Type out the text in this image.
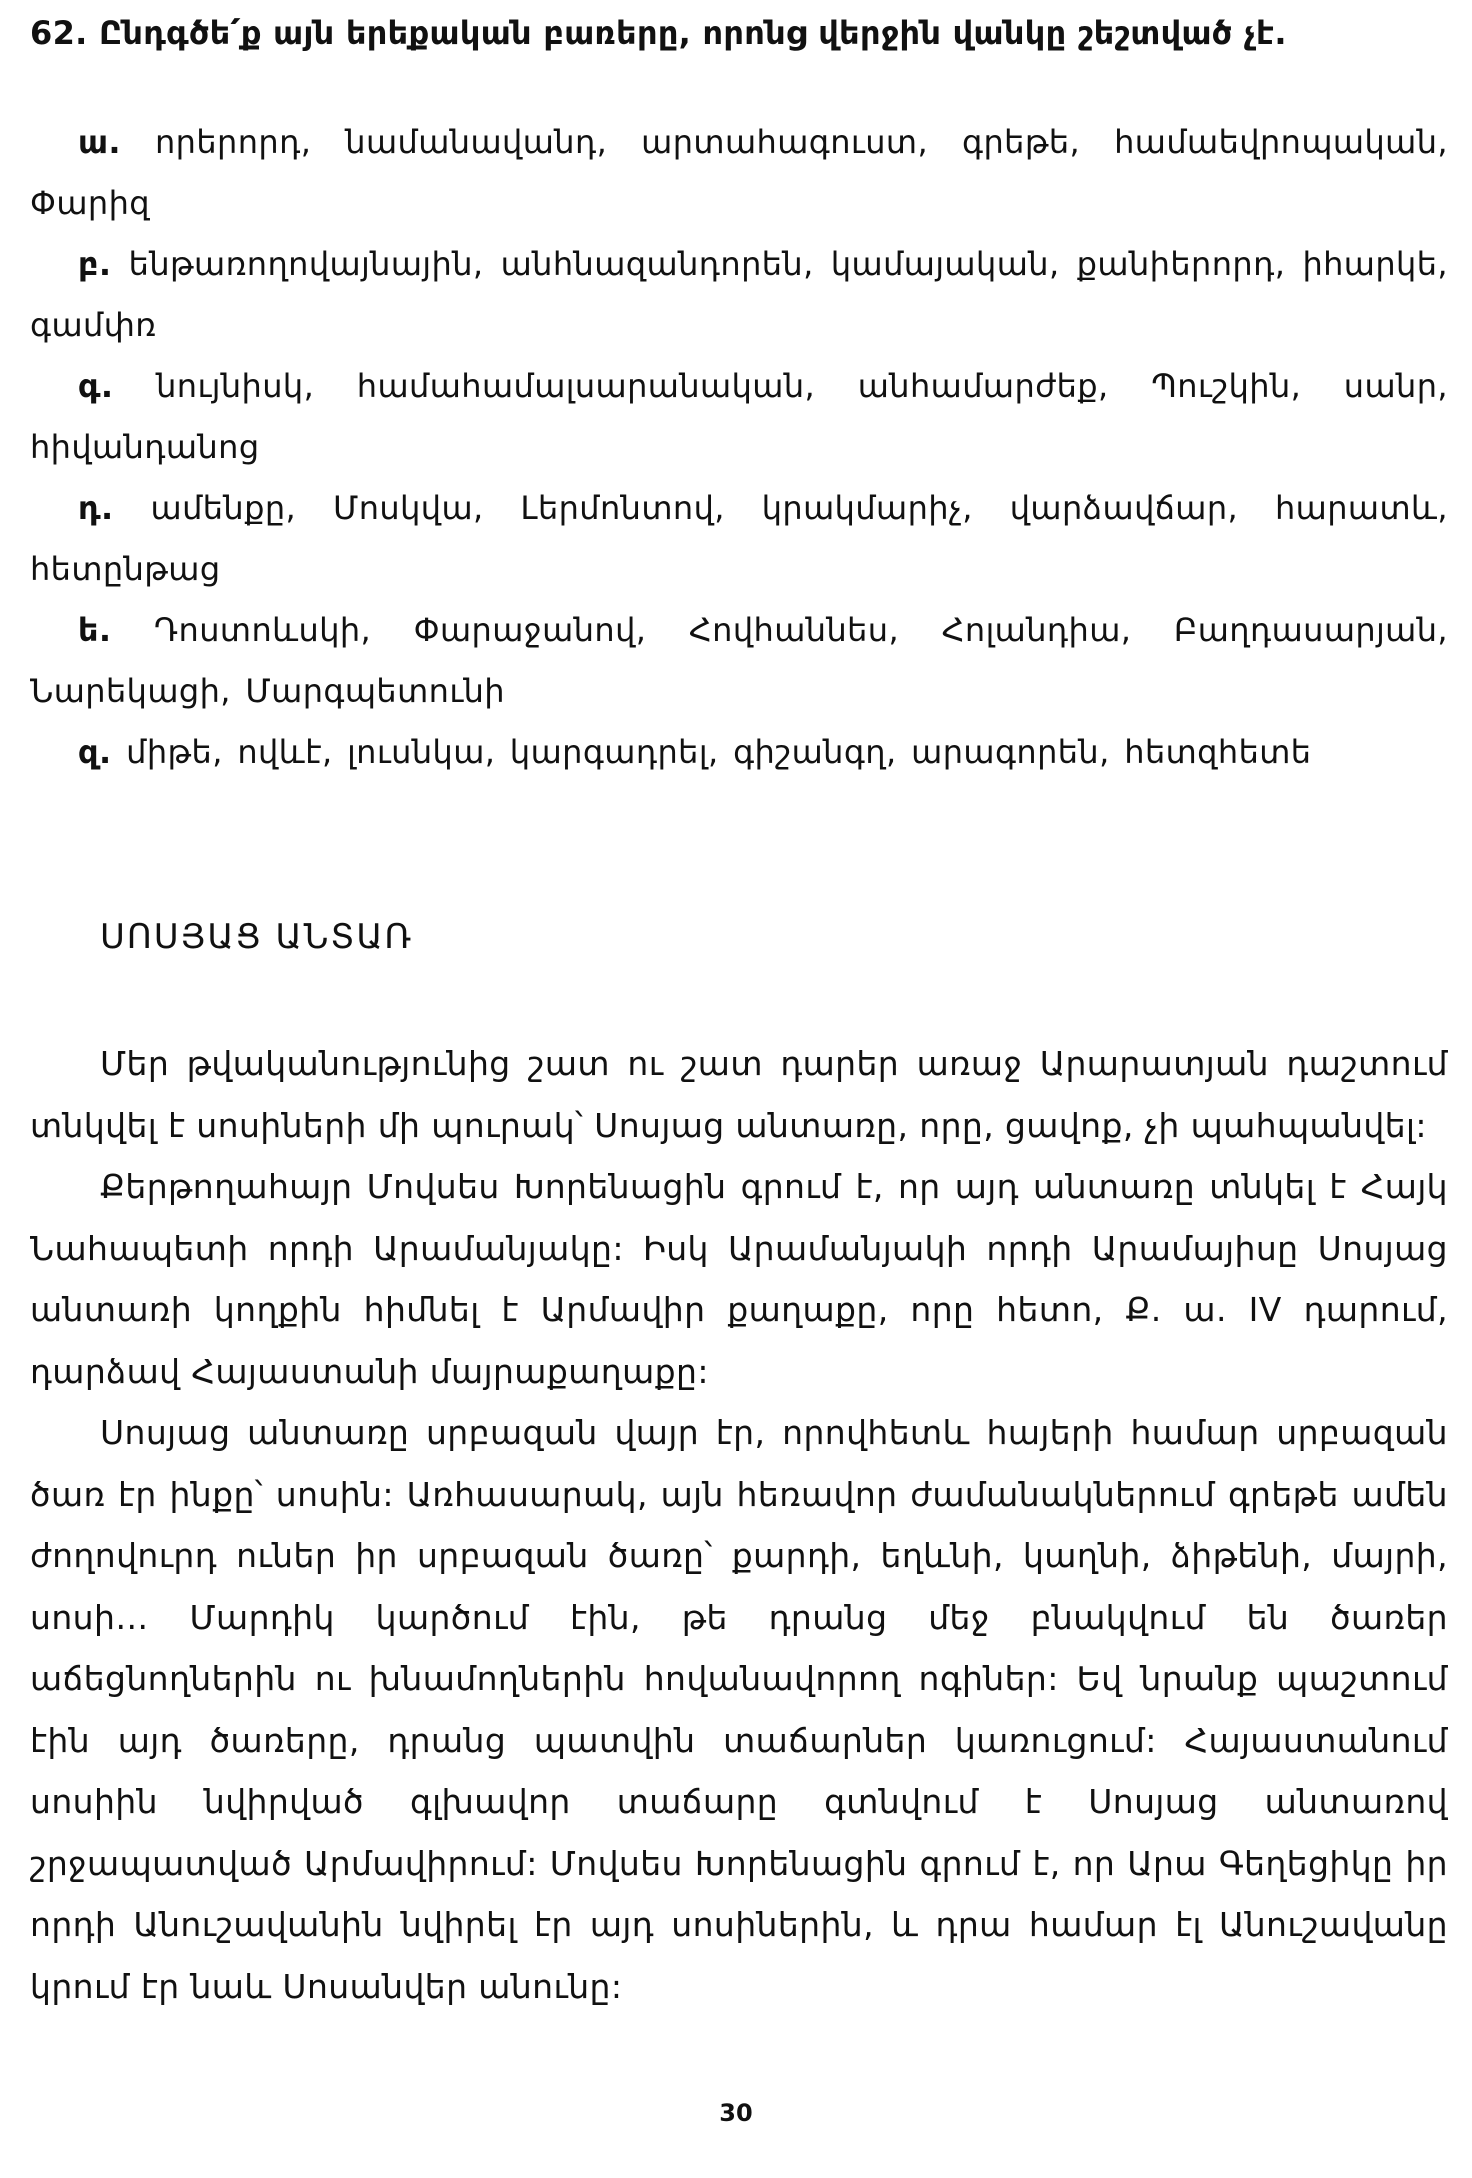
62. Ընդգծե՛ք այն երեքական բառերը, որոնց վերջին վանկը շեշտված չէ.
ա. որերորդ, նամանավանդ, արտահագուստ, գրեթե, համաեվրոպական, Փարիզ
բ. ենթառողովայնային, անհնազանդորեն, կամայական, քանիերորդ, իհարկե, գամփռ
գ. նույնիսկ, համահամալսարանական, անհամարժեք, Պուշկին, սանր, հիվանդանոց
դ. ամենքը, Մոսկվա, Լերմոնտով, կրակմարիչ, վարձավճար, հարատև, հետընթաց
ե. Դոստոևսկի, Փարաջանով, Հովհաննես, Հոլանդիա, Բաղդասարյան, Նարեկացի, Մարգպետունի
զ. միթե, ովևէ, լուսնկա, կարգադրել, գիշանգղ, արագորեն, հետզհետե
ՍՈՍՅԱՑ ԱՆՏԱՌ

Մեր թվականությունից շատ ու շատ դարեր առաջ Արարատյան դաշտում տնկվել է սոսիների մի պուրակ՝ Սոսյաց անտառը, որը, ցավոք, չի պահպանվել:

Քերթողահայր Մովսես Խորենացին գրում է, որ այդ անտառը տնկել է Հայկ Նահապետի որդի Արամանյակը: Իսկ Արամանյակի որդի Արամայիսը Սոսյաց անտառի կողքին հիմնել է Արմավիր քաղաքը, որը հետո, Ք. ա. IV դարում, դարձավ Հայաստանի մայրաքաղաքը:

Սոսյաց անտառը սրբազան վայր էր, որովհետև հայերի համար սրբազան ծառ էր ինքը՝ սոսին: Առհասարակ, այն հեռավոր ժամանակներում գրեթե ամեն ժողովուրդ ուներ իր սրբազան ծառը՝ քարդի, եղևնի, կաղնի, ձիթենի, մայրի, սոսի… Մարդիկ կարծում էին, թե դրանց մեջ բնակվում են ծառեր աճեցնողներին ու խնամողներին հովանավորող ոգիներ: Եվ նրանք պաշտում էին այդ ծառերը, դրանց պատվին տաճարներ կառուցում: Հայաստանում սոսիին նվիրված գլխավոր տաճարը գտնվում է Սոսյաց անտառով շրջապատված Արմավիրում: Մովսես Խորենացին գրում է, որ Արա Գեղեցիկը իր որդի Անուշավանին նվիրել էր այդ սոսիներին, և դրա համար էլ Անուշավանը կրում էր նաև Սոսանվեր անունը:

30
